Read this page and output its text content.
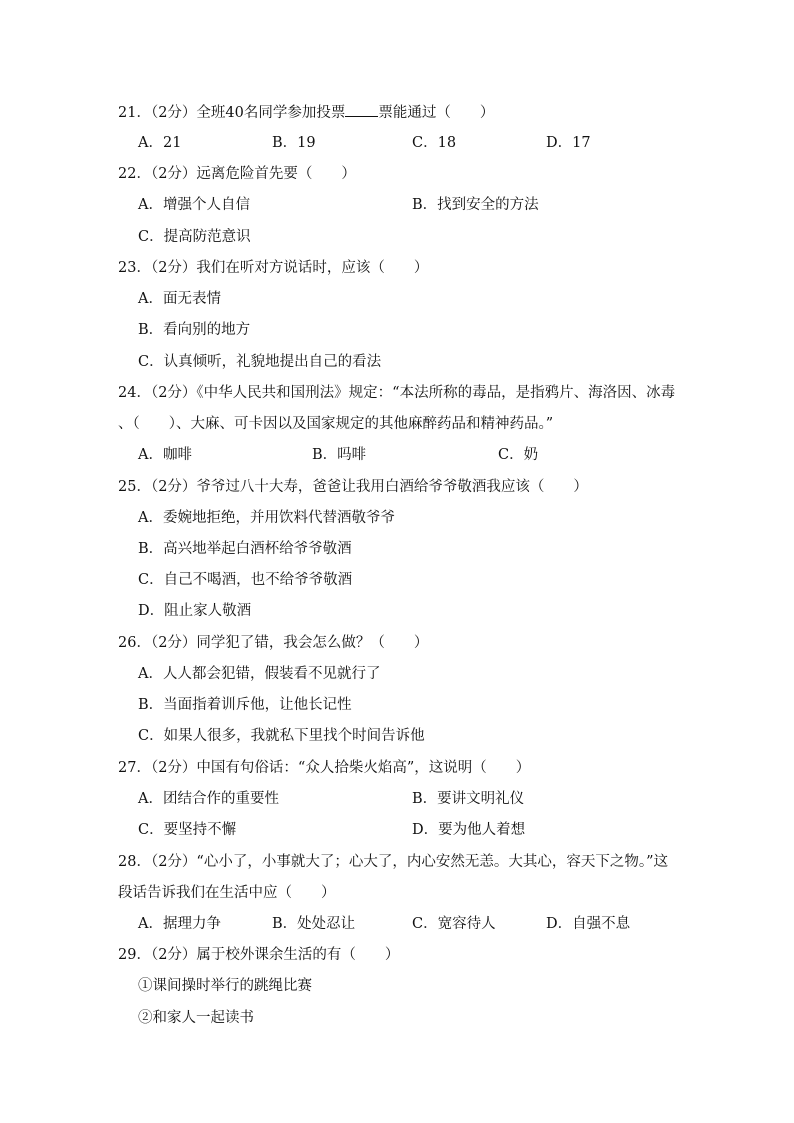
21．（2分）全班40名同学参加投票 票能通过（　　）
A．21	B．19	C．18	D．17
22．（2分）远离危险首先要（　　）
A．增强个人自信	B．找到安全的方法
C．提高防范意识
23．（2分）我们在听对方说话时，应该（　　）
A．面无表情
B．看向别的地方
C．认真倾听，礼貌地提出自己的看法
24．（2分）《中华人民共和国刑法》规定：“本法所称的毒品，是指鸦片、海洛因、冰毒
、（　　）、大麻、可卡因以及国家规定的其他麻醉药品和精神药品。”
A．咖啡	B．吗啡	C．奶
25．（2分）爷爷过八十大寿，爸爸让我用白酒给爷爷敬酒我应该（　　）
A．委婉地拒绝，并用饮料代替酒敬爷爷
B．高兴地举起白酒杯给爷爷敬酒
C．自己不喝酒，也不给爷爷敬酒
D．阻止家人敬酒
26．（2分）同学犯了错，我会怎么做？（　　）
A．人人都会犯错，假装看不见就行了
B．当面指着训斥他，让他长记性
C．如果人很多，我就私下里找个时间告诉他
27．（2分）中国有句俗话：“众人拾柴火焰高”，这说明（　　）
A．团结合作的重要性	B．要讲文明礼仪
C．要坚持不懈	D．要为他人着想
28．（2分）“心小了，小事就大了；心大了，内心安然无恙。大其心，容天下之物。”这
段话告诉我们在生活中应（　　）
A．据理力争	B．处处忍让	C．宽容待人	D．自强不息
29．（2分）属于校外课余生活的有（　　）
①课间操时举行的跳绳比赛
②和家人一起读书
